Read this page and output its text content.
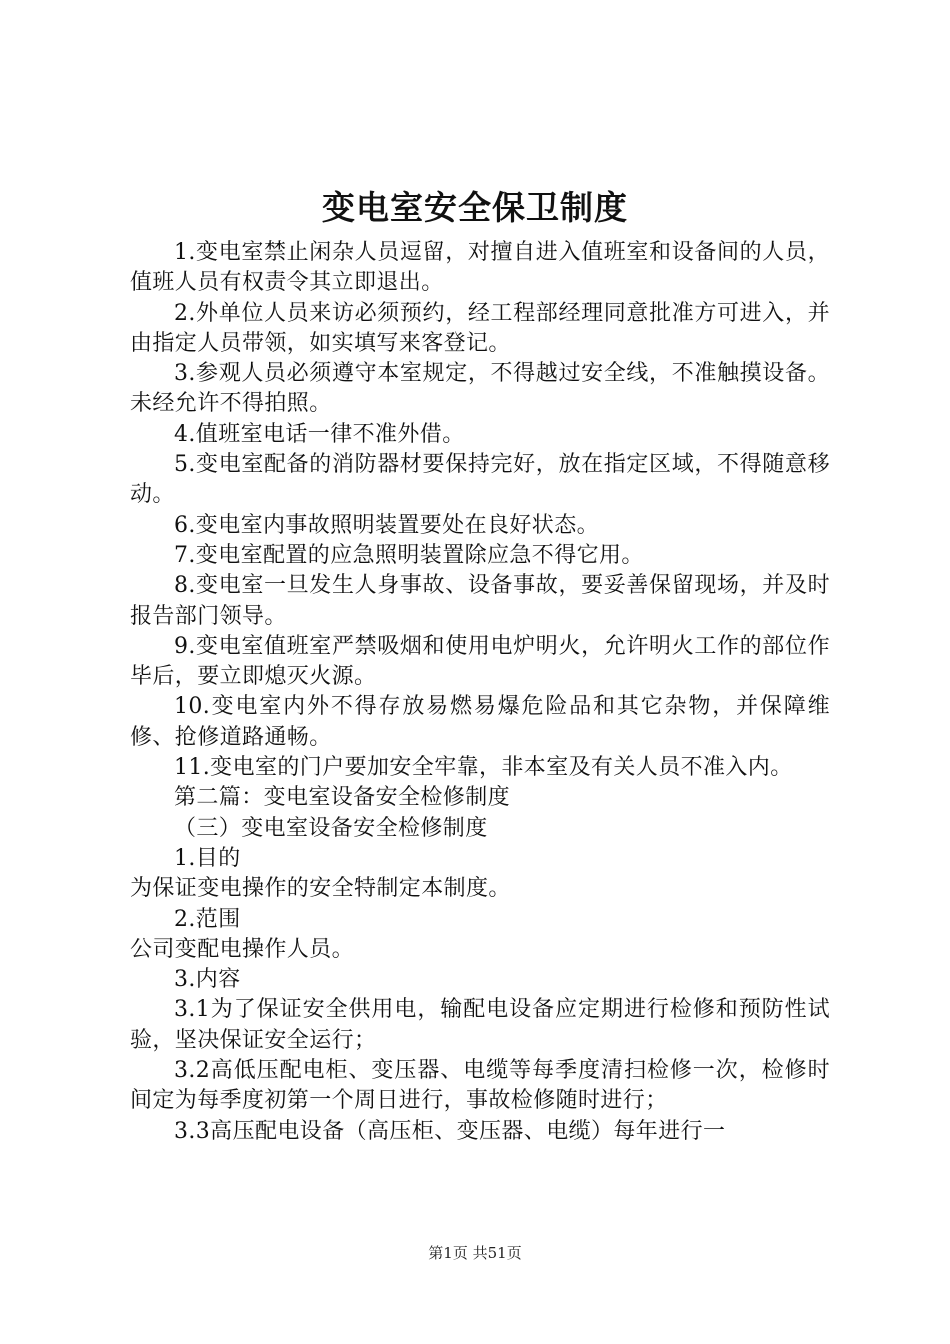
变电室安全保卫制度

1.变电室禁止闲杂人员逗留，对擅自进入值班室和设备间的人员，值班人员有权责令其立即退出。

2.外单位人员来访必须预约，经工程部经理同意批准方可进入，并由指定人员带领，如实填写来客登记。

3.参观人员必须遵守本室规定，不得越过安全线，不准触摸设备。未经允许不得拍照。

4.值班室电话一律不准外借。

5.变电室配备的消防器材要保持完好，放在指定区域，不得随意移动。

6.变电室内事故照明装置要处在良好状态。

7.变电室配置的应急照明装置除应急不得它用。

8.变电室一旦发生人身事故、设备事故，要妥善保留现场，并及时报告部门领导。

9.变电室值班室严禁吸烟和使用电炉明火，允许明火工作的部位作毕后，要立即熄灭火源。

10.变电室内外不得存放易燃易爆危险品和其它杂物，并保障维修、抢修道路通畅。

11.变电室的门户要加安全牢靠，非本室及有关人员不准入内。

第二篇：变电室设备安全检修制度

（三）变电室设备安全检修制度

1.目的

为保证变电操作的安全特制定本制度。

2.范围

公司变配电操作人员。

3.内容

3.1为了保证安全供用电，输配电设备应定期进行检修和预防性试验，坚决保证安全运行；

3.2高低压配电柜、变压器、电缆等每季度清扫检修一次，检修时间定为每季度初第一个周日进行，事故检修随时进行；

3.3高压配电设备（高压柜、变压器、电缆）每年进行一

第1页 共51页
